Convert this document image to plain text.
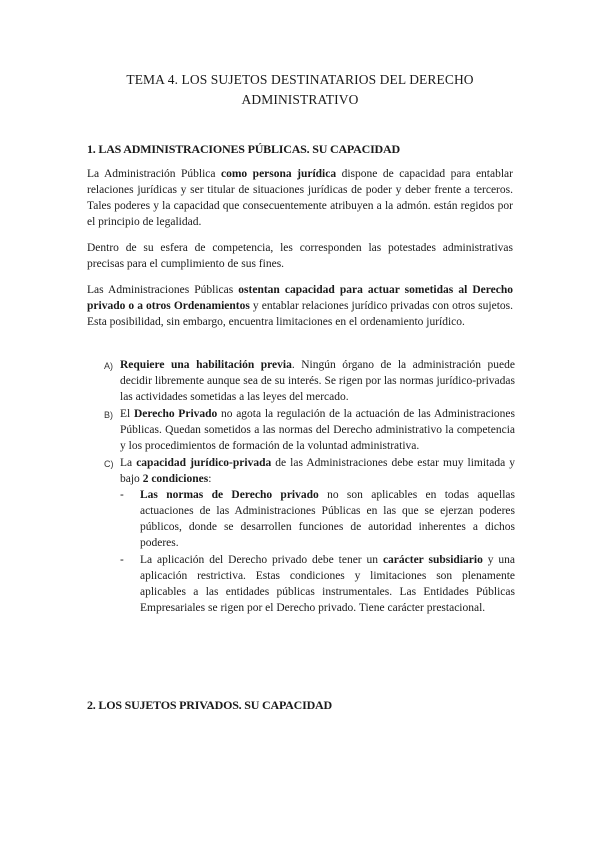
TEMA 4. LOS SUJETOS DESTINATARIOS DEL DERECHO
ADMINISTRATIVO
1. LAS ADMINISTRACIONES PÚBLICAS. SU CAPACIDAD

La Administración Pública como persona jurídica dispone de capacidad para entablar relaciones jurídicas y ser titular de situaciones jurídicas de poder y deber frente a terceros. Tales poderes y la capacidad que consecuentemente atribuyen a la admón. están regidos por el principio de legalidad.

Dentro de su esfera de competencia, les corresponden las potestades administrativas precisas para el cumplimiento de sus fines.

Las Administraciones Públicas ostentan capacidad para actuar sometidas al Derecho privado o a otros Ordenamientos y entablar relaciones jurídico privadas con otros sujetos. Esta posibilidad, sin embargo, encuentra limitaciones en el ordenamiento jurídico.

A) Requiere una habilitación previa. Ningún órgano de la administración puede decidir libremente aunque sea de su interés. Se rigen por las normas jurídico-privadas las actividades sometidas a las leyes del mercado.
B) El Derecho Privado no agota la regulación de la actuación de las Administraciones Públicas. Quedan sometidos a las normas del Derecho administrativo la competencia y los procedimientos de formación de la voluntad administrativa.
C) La capacidad jurídico-privada de las Administraciones debe estar muy limitada y bajo 2 condiciones:
- Las normas de Derecho privado no son aplicables en todas aquellas actuaciones de las Administraciones Públicas en las que se ejerzan poderes públicos, donde se desarrollen funciones de autoridad inherentes a dichos poderes.
- La aplicación del Derecho privado debe tener un carácter subsidiario y una aplicación restrictiva. Estas condiciones y limitaciones son plenamente aplicables a las entidades públicas instrumentales. Las Entidades Públicas Empresariales se rigen por el Derecho privado. Tiene carácter prestacional.
2. LOS SUJETOS PRIVADOS. SU CAPACIDAD
